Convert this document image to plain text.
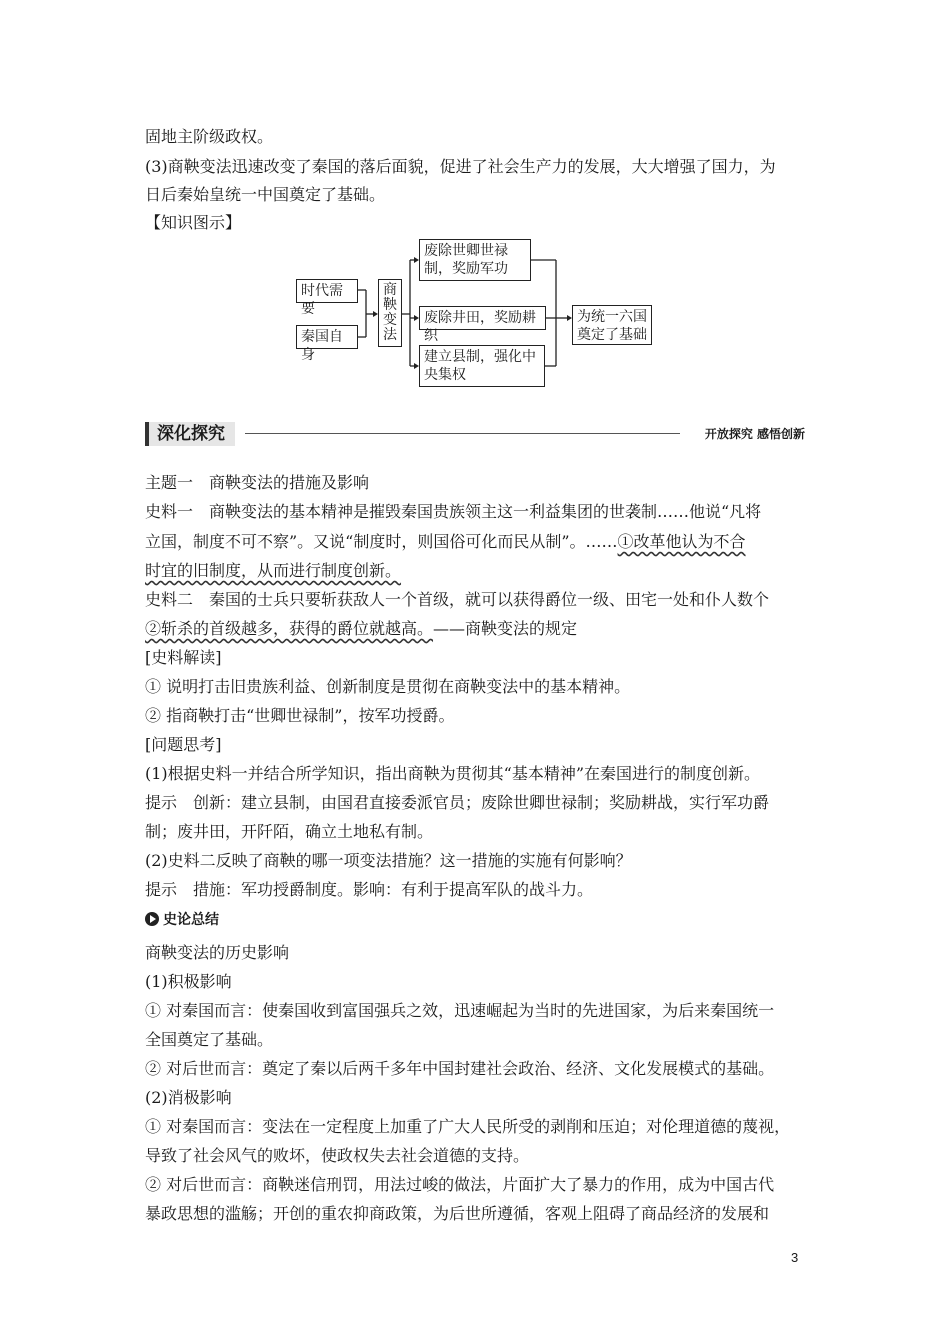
固地主阶级政权。
(3)商鞅变法迅速改变了秦国的落后面貌，促进了社会生产力的发展，大大增强了国力，为
日后秦始皇统一中国奠定了基础。
【知识图示】
时代需要
秦国自身
商鞅变法
废除世卿世禄制，奖励军功
废除井田，奖励耕织
建立县制，强化中央集权
为统一六国奠定了基础
深化探究	开放探究 感悟创新
主题一　商鞅变法的措施及影响
史料一　商鞅变法的基本精神是摧毁秦国贵族领主这一利益集团的世袭制……他说“凡将
立国，制度不可不察”。又说“制度时，则国俗可化而民从制”。……①改革他认为不合
时宜的旧制度，从而进行制度创新。
史料二　秦国的士兵只要斩获敌人一个首级，就可以获得爵位一级、田宅一处和仆人数个
②斩杀的首级越多，获得的爵位就越高。——商鞅变法的规定
[史料解读]
① 说明打击旧贵族利益、创新制度是贯彻在商鞅变法中的基本精神。
② 指商鞅打击“世卿世禄制”，按军功授爵。
[问题思考]
(1)根据史料一并结合所学知识，指出商鞅为贯彻其“基本精神”在秦国进行的制度创新。
提示　创新：建立县制，由国君直接委派官员；废除世卿世禄制；奖励耕战，实行军功爵
制；废井田，开阡陌，确立土地私有制。
(2)史料二反映了商鞅的哪一项变法措施？这一措施的实施有何影响？
提示　措施：军功授爵制度。影响：有利于提高军队的战斗力。
史论总结
商鞅变法的历史影响
(1)积极影响
① 对秦国而言：使秦国收到富国强兵之效，迅速崛起为当时的先进国家，为后来秦国统一
全国奠定了基础。
② 对后世而言：奠定了秦以后两千多年中国封建社会政治、经济、文化发展模式的基础。
(2)消极影响
① 对秦国而言：变法在一定程度上加重了广大人民所受的剥削和压迫；对伦理道德的蔑视，
导致了社会风气的败坏，使政权失去社会道德的支持。
② 对后世而言：商鞅迷信刑罚，用法过峻的做法，片面扩大了暴力的作用，成为中国古代
暴政思想的滥觞；开创的重农抑商政策，为后世所遵循，客观上阻碍了商品经济的发展和
3
